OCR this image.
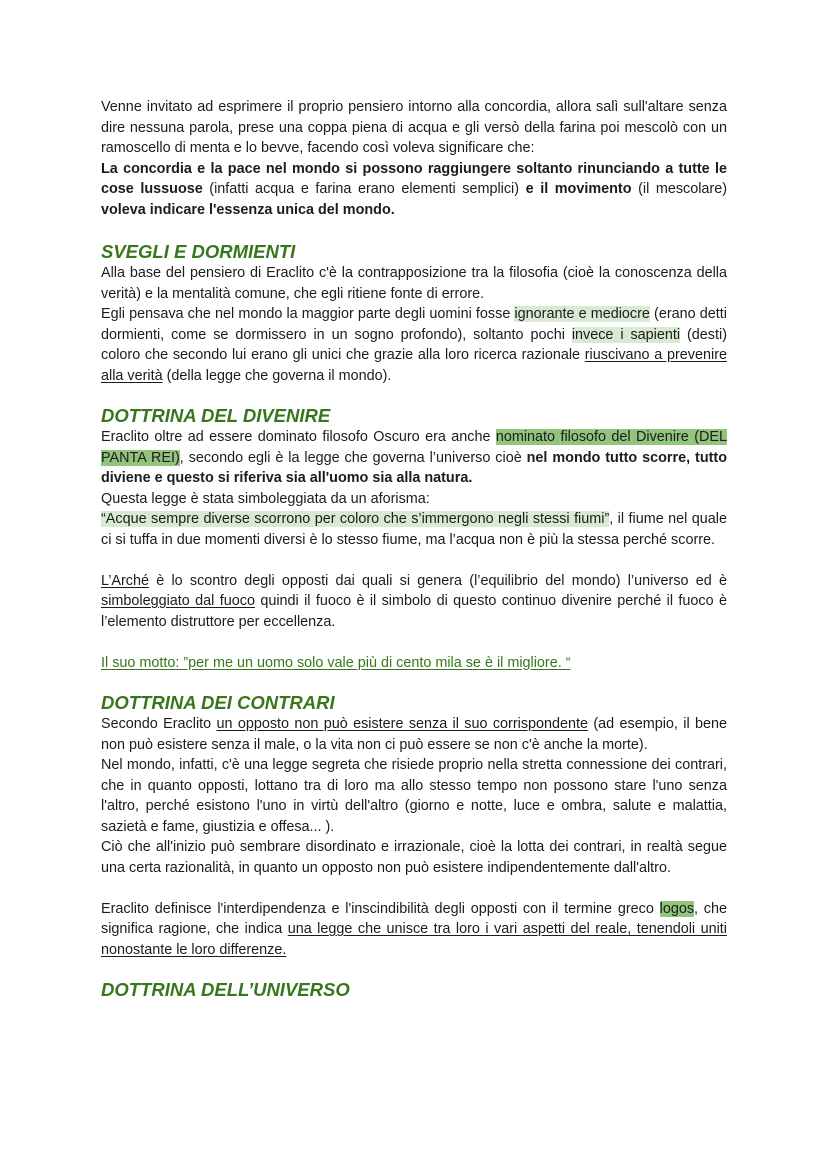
Venne invitato ad esprimere il proprio pensiero intorno alla concordia, allora salì sull'altare senza dire nessuna parola, prese una coppa piena di acqua e gli versò della farina poi mescolò con un ramoscello di menta e lo bevve, facendo così voleva significare che:

La concordia e la pace nel mondo si possono raggiungere soltanto rinunciando a tutte le cose lussuose (infatti acqua e farina erano elementi semplici) e il movimento (il mescolare) voleva indicare l'essenza unica del mondo.

SVEGLI E DORMIENTI

Alla base del pensiero di Eraclito c'è la contrapposizione tra la filosofia (cioè la conoscenza della verità) e la mentalità comune, che egli ritiene fonte di errore.

Egli pensava che nel mondo la maggior parte degli uomini fosse ignorante e mediocre (erano detti dormienti, come se dormissero in un sogno profondo), soltanto pochi invece i sapienti (desti) coloro che secondo lui erano gli unici che grazie alla loro ricerca razionale riuscivano a prevenire alla verità (della legge che governa il mondo).

DOTTRINA DEL DIVENIRE

Eraclito oltre ad essere dominato filosofo Oscuro era anche nominato filosofo del Divenire (DEL PANTA REI), secondo egli è la legge che governa l’universo cioè nel mondo tutto scorre, tutto diviene e questo si riferiva sia all'uomo sia alla natura.

Questa legge è stata simboleggiata da un aforisma:

“Acque sempre diverse scorrono per coloro che s’immergono negli stessi fiumi”, il fiume nel quale ci si tuffa in due momenti diversi è lo stesso fiume, ma l’acqua non è più la stessa perché scorre.

L’Arché è lo scontro degli opposti dai quali si genera (l’equilibrio del mondo) l’universo ed è simboleggiato dal fuoco quindi il fuoco è il simbolo di questo continuo divenire perché il fuoco è l’elemento distruttore per eccellenza.

Il suo motto: ”per me un uomo solo vale più di cento mila se è il migliore. “

DOTTRINA DEI CONTRARI

Secondo Eraclito un opposto non può esistere senza il suo corrispondente (ad esempio, il bene non può esistere senza il male, o la vita non ci può essere se non c'è anche la morte).

Nel mondo, infatti, c'è una legge segreta che risiede proprio nella stretta connessione dei contrari, che in quanto opposti, lottano tra di loro ma allo stesso tempo non possono stare l'uno senza l'altro, perché esistono l'uno in virtù dell'altro (giorno e notte, luce e ombra, salute e malattia, sazietà e fame, giustizia e offesa... ).

Ciò che all'inizio può sembrare disordinato e irrazionale, cioè la lotta dei contrari, in realtà segue una certa razionalità, in quanto un opposto non può esistere indipendentemente dall'altro.

Eraclito definisce l'interdipendenza e l'inscindibilità degli opposti con il termine greco logos, che significa ragione, che indica una legge che unisce tra loro i vari aspetti del reale, tenendoli uniti nonostante le loro differenze.

DOTTRINA DELL’UNIVERSO
